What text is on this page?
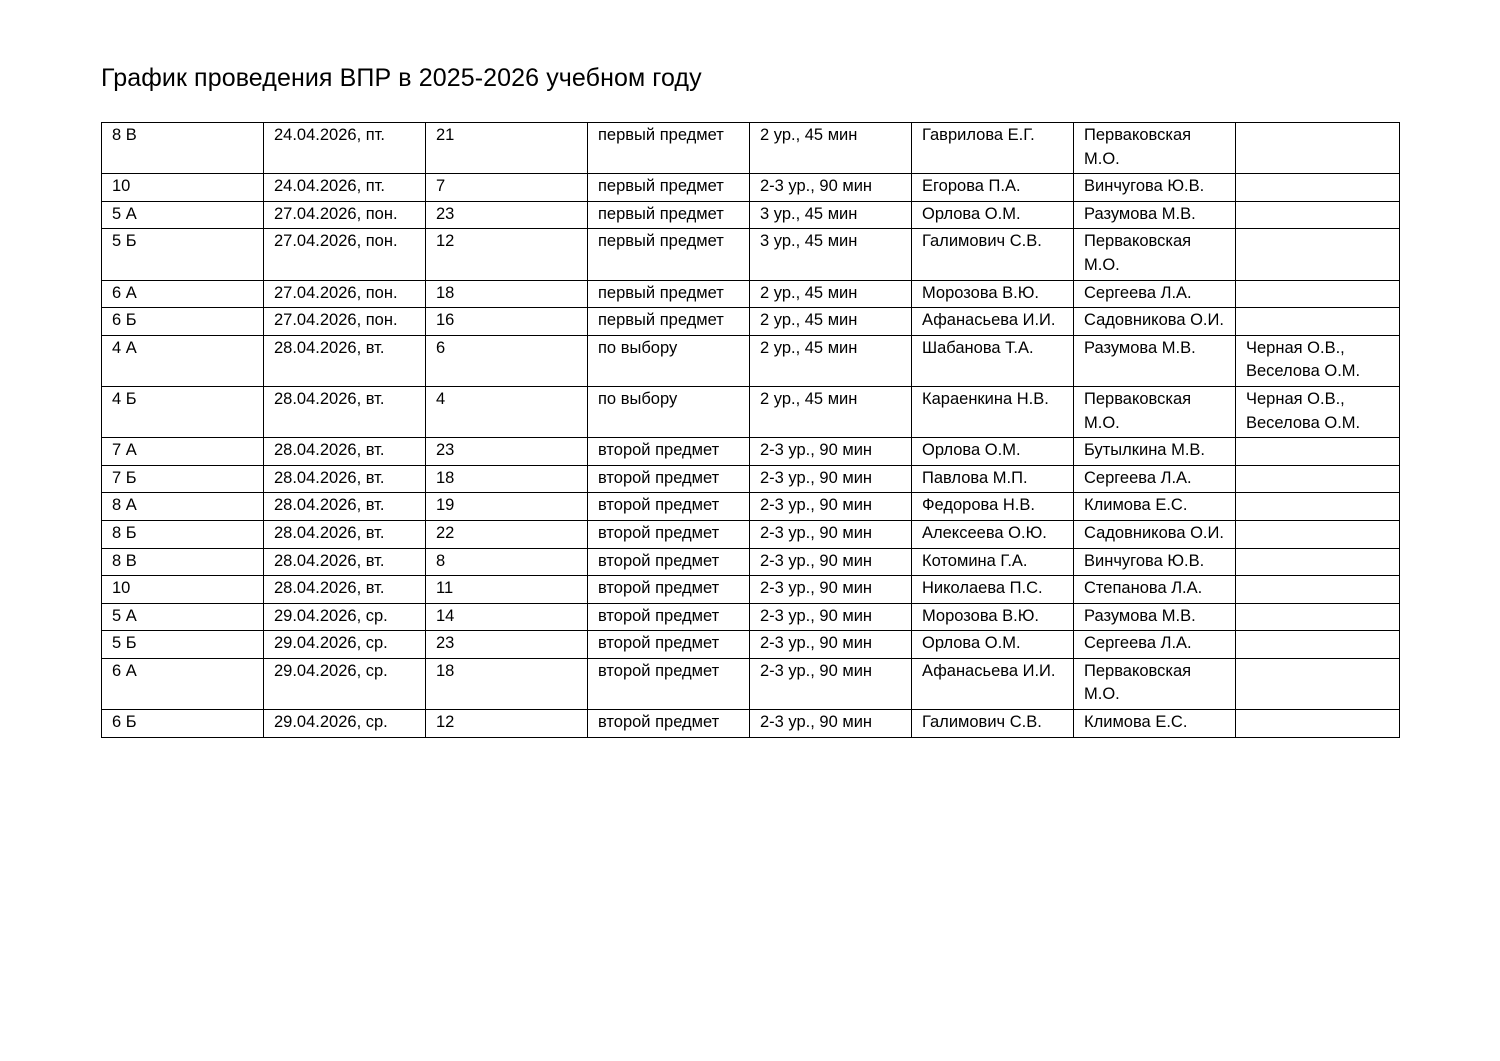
График проведения ВПР в 2025-2026 учебном году
8 В	24.04.2026, пт.	21	первый предмет	2 ур., 45 мин	Гаврилова Е.Г.	Перваковская М.О.	
10	24.04.2026, пт.	7	первый предмет	2-3 ур., 90 мин	Егорова П.А.	Винчугова Ю.В.	
5 А	27.04.2026, пон.	23	первый предмет	3 ур., 45 мин	Орлова О.М.	Разумова М.В.	
5 Б	27.04.2026, пон.	12	первый предмет	3 ур., 45 мин	Галимович С.В.	Перваковская М.О.	
6 А	27.04.2026, пон.	18	первый предмет	2 ур., 45 мин	Морозова В.Ю.	Сергеева Л.А.	
6 Б	27.04.2026, пон.	16	первый предмет	2 ур., 45 мин	Афанасьева И.И.	Садовникова О.И.	
4 А	28.04.2026, вт.	6	по выбору	2 ур., 45 мин	Шабанова Т.А.	Разумова М.В.	Черная О.В., Веселова О.М.
4 Б	28.04.2026, вт.	4	по выбору	2 ур., 45 мин	Караенкина Н.В.	Перваковская М.О.	Черная О.В., Веселова О.М.
7 А	28.04.2026, вт.	23	второй предмет	2-3 ур., 90 мин	Орлова О.М.	Бутылкина М.В.	
7 Б	28.04.2026, вт.	18	второй предмет	2-3 ур., 90 мин	Павлова М.П.	Сергеева Л.А.	
8 А	28.04.2026, вт.	19	второй предмет	2-3 ур., 90 мин	Федорова Н.В.	Климова Е.С.	
8 Б	28.04.2026, вт.	22	второй предмет	2-3 ур., 90 мин	Алексеева О.Ю.	Садовникова О.И.	
8 В	28.04.2026, вт.	8	второй предмет	2-3 ур., 90 мин	Котомина Г.А.	Винчугова Ю.В.	
10	28.04.2026, вт.	11	второй предмет	2-3 ур., 90 мин	Николаева П.С.	Степанова Л.А.	
5 А	29.04.2026, ср.	14	второй предмет	2-3 ур., 90 мин	Морозова В.Ю.	Разумова М.В.	
5 Б	29.04.2026, ср.	23	второй предмет	2-3 ур., 90 мин	Орлова О.М.	Сергеева Л.А.	
6 А	29.04.2026, ср.	18	второй предмет	2-3 ур., 90 мин	Афанасьева И.И.	Перваковская М.О.	
6 Б	29.04.2026, ср.	12	второй предмет	2-3 ур., 90 мин	Галимович С.В.	Климова Е.С.	
